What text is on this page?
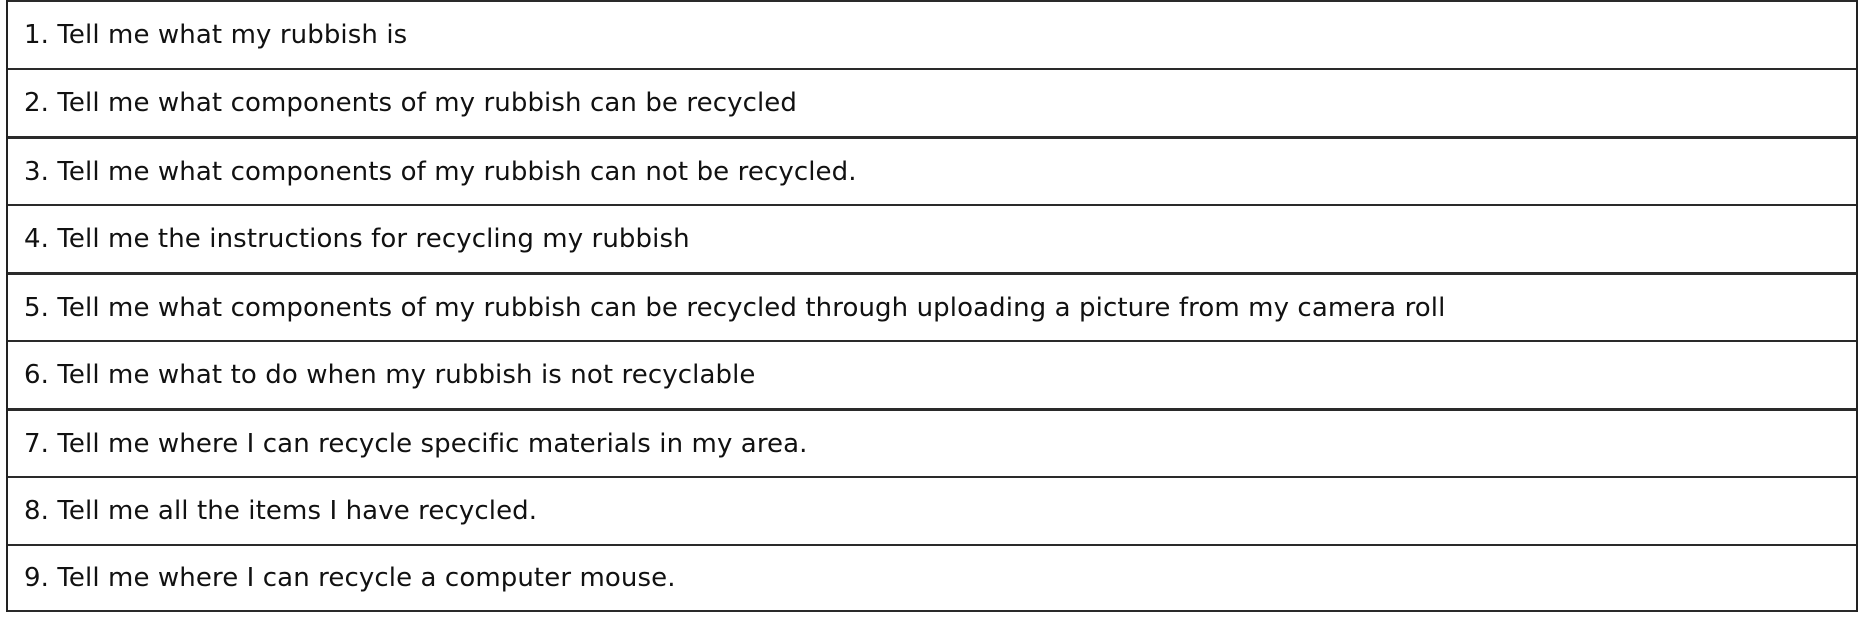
1. Tell me what my rubbish is
2. Tell me what components of my rubbish can be recycled
3. Tell me what components of my rubbish can not be recycled.
4. Tell me the instructions for recycling my rubbish
5. Tell me what components of my rubbish can be recycled through uploading a picture from my camera roll
6. Tell me what to do when my rubbish is not recyclable
7. Tell me where I can recycle specific materials in my area.
8. Tell me all the items I have recycled.
9. Tell me where I can recycle a computer mouse.
